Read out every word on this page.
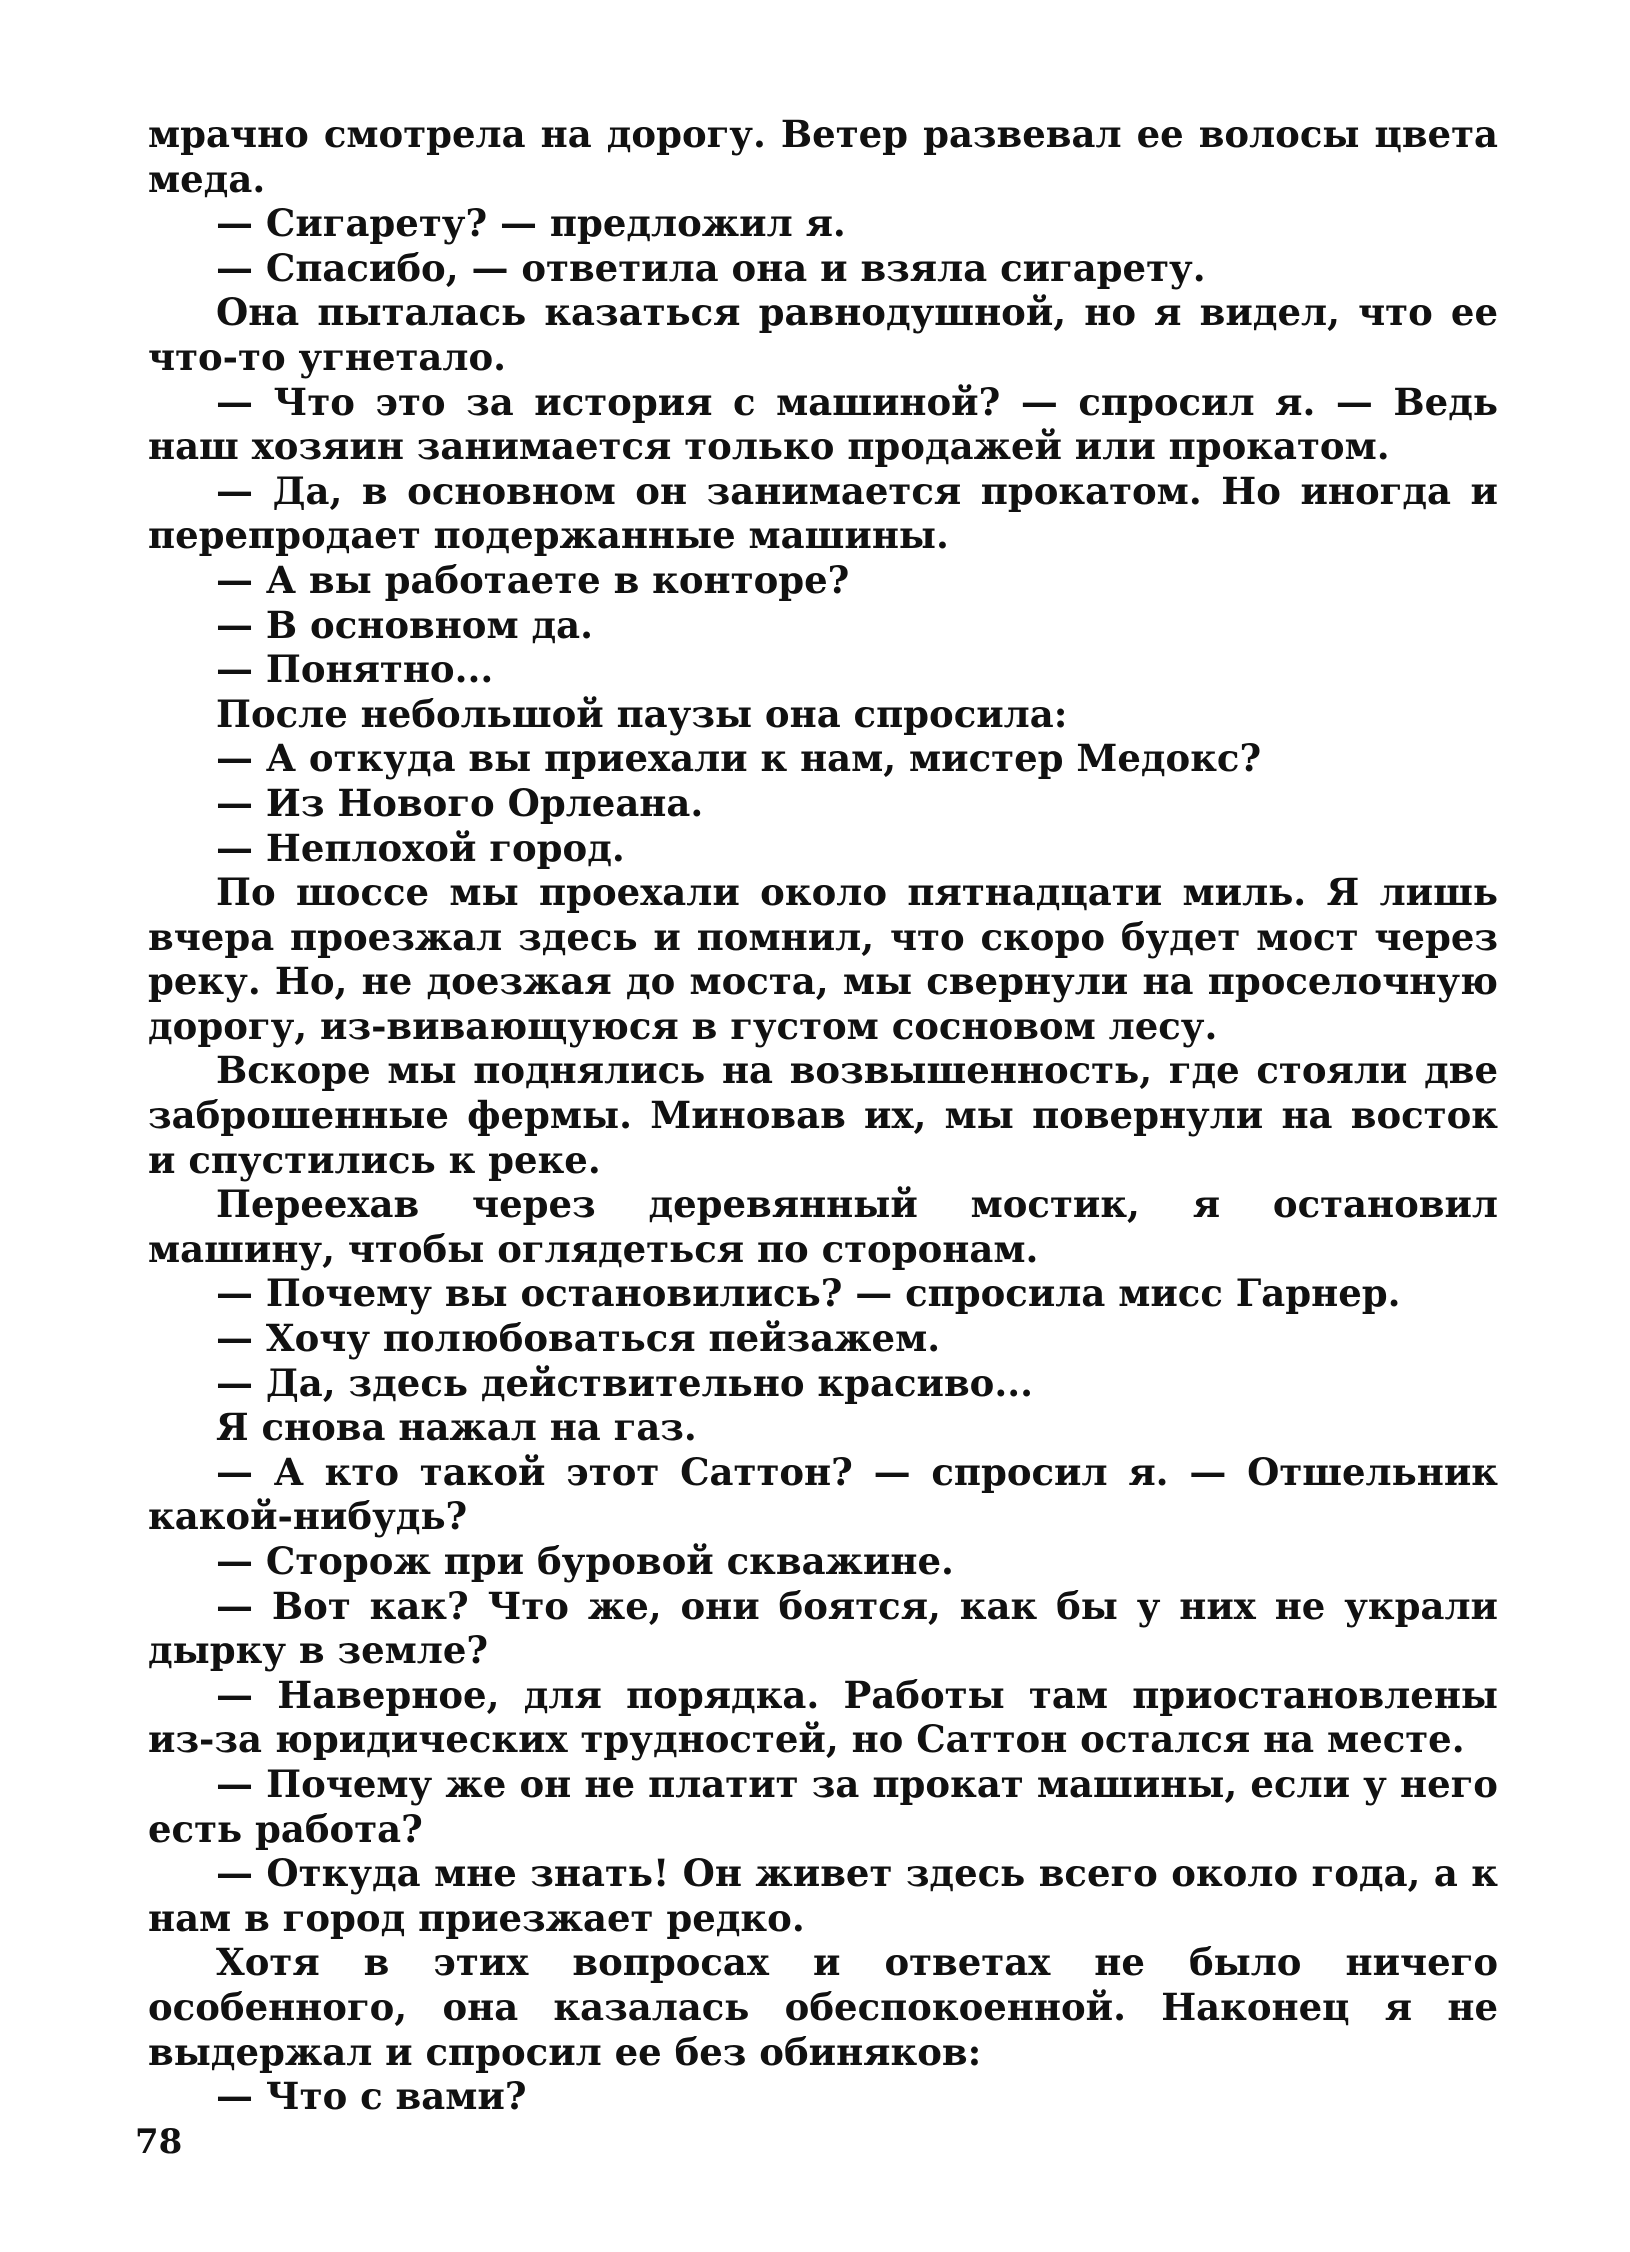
мрачно смотрела на дорогу. Ветер развевал ее волосы цвета меда.

— Сигарету? — предложил я.

— Спасибо, — ответила она и взяла сигарету.

Она пыталась казаться равнодушной, но я видел, что ее что-то угнетало.

— Что это за история с машиной? — спросил я. — Ведь наш хозяин занимается только продажей или прокатом.

— Да, в основном он занимается прокатом. Но иногда и перепродает подержанные машины.

— А вы работаете в конторе?

— В основном да.

— Понятно...

После небольшой паузы она спросила:

— А откуда вы приехали к нам, мистер Медокс?

— Из Нового Орлеана.

— Неплохой город.

По шоссе мы проехали около пятнадцати миль. Я лишь вчера проезжал здесь и помнил, что скоро будет мост через реку. Но, не доезжая до моста, мы свернули на проселочную дорогу, из-вивающуюся в густом сосновом лесу.

Вскоре мы поднялись на возвышенность, где стояли две заброшенные фермы. Миновав их, мы повернули на восток и спустились к реке.

Переехав через деревянный мостик, я остановил машину, чтобы оглядеться по сторонам.

— Почему вы остановились? — спросила мисс Гарнер.

— Хочу полюбоваться пейзажем.

— Да, здесь действительно красиво...

Я снова нажал на газ.

— А кто такой этот Саттон? — спросил я. — Отшельник какой-нибудь?

— Сторож при буровой скважине.

— Вот как? Что же, они боятся, как бы у них не украли дырку в земле?

— Наверное, для порядка. Работы там приостановлены из-за юридических трудностей, но Саттон остался на месте.

— Почему же он не платит за прокат машины, если у него есть работа?

— Откуда мне знать! Он живет здесь всего около года, а к нам в город приезжает редко.

Хотя в этих вопросах и ответах не было ничего особенного, она казалась обеспокоенной. Наконец я не выдержал и спросил ее без обиняков:

— Что с вами?

78
